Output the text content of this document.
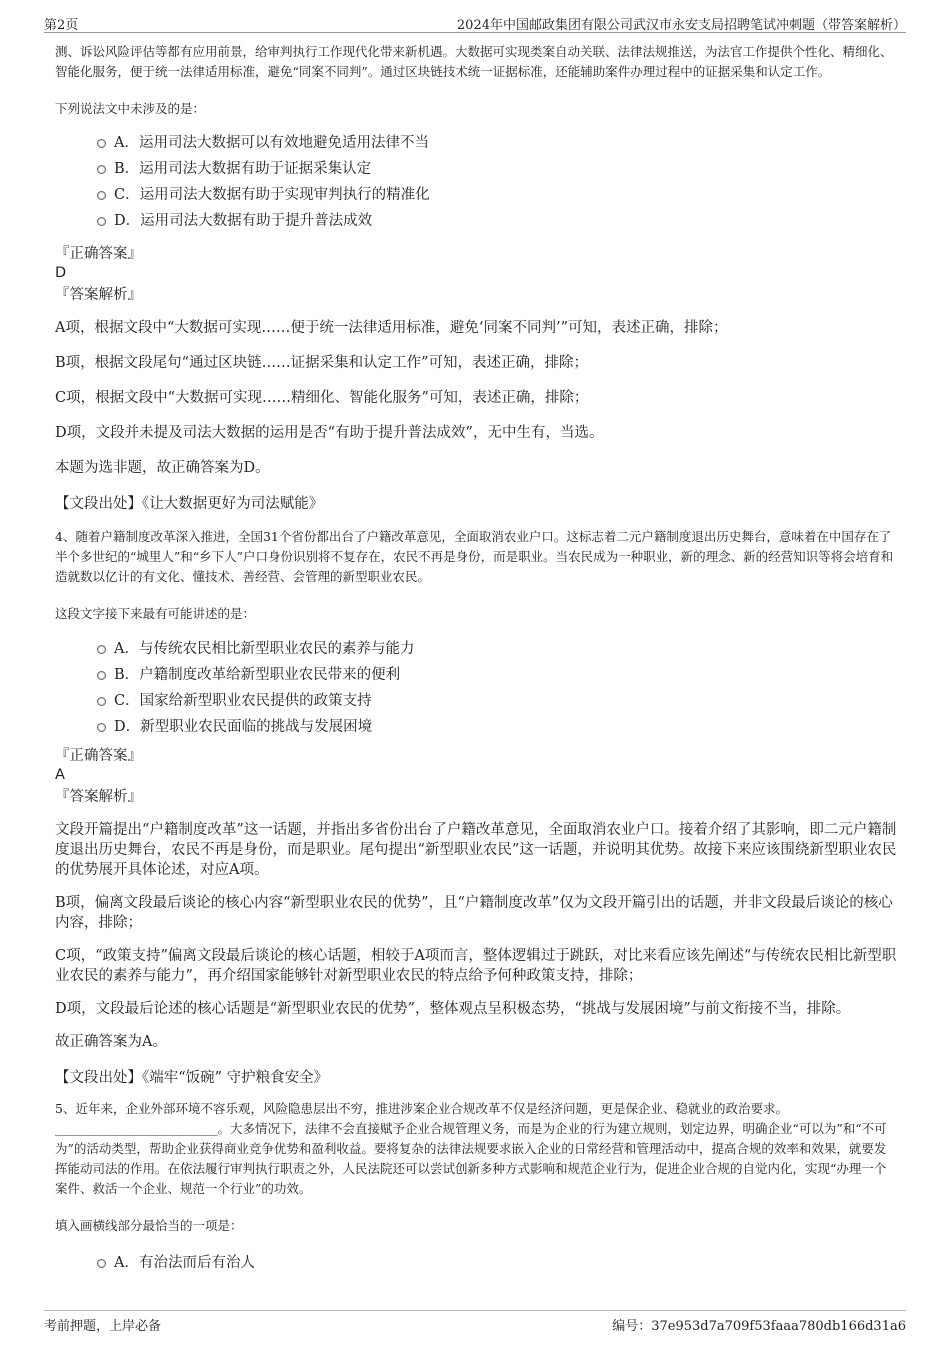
第2页	2024年中国邮政集团有限公司武汉市永安支局招聘笔试冲刺题（带答案解析）

测、诉讼风险评估等都有应用前景，给审判执行工作现代化带来新机遇。大数据可实现类案自动关联、法律法规推送，为法官工作提供个性化、精细化、智能化服务，便于统一法律适用标准，避免“同案不同判”。通过区块链技术统一证据标准，还能辅助案件办理过程中的证据采集和认定工作。

下列说法文中未涉及的是：

A．运用司法大数据可以有效地避免适用法律不当
B．运用司法大数据有助于证据采集认定
C．运用司法大数据有助于实现审判执行的精准化
D．运用司法大数据有助于提升普法成效

『正确答案』

D

『答案解析』

A项，根据文段中“大数据可实现……便于统一法律适用标准，避免‘同案不同判’”可知，表述正确，排除；

B项，根据文段尾句“通过区块链……证据采集和认定工作”可知，表述正确，排除；

C项，根据文段中“大数据可实现……精细化、智能化服务”可知，表述正确，排除；

D项，文段并未提及司法大数据的运用是否“有助于提升普法成效”，无中生有，当选。

本题为选非题，故正确答案为D。

【文段出处】《让大数据更好为司法赋能》

4、随着户籍制度改革深入推进，全国31个省份都出台了户籍改革意见，全面取消农业户口。这标志着二元户籍制度退出历史舞台，意味着在中国存在了半个多世纪的“城里人”和“乡下人”户口身份识别将不复存在，农民不再是身份，而是职业。当农民成为一种职业，新的理念、新的经营知识等将会培育和造就数以亿计的有文化、懂技术、善经营、会管理的新型职业农民。

这段文字接下来最有可能讲述的是：

A．与传统农民相比新型职业农民的素养与能力
B．户籍制度改革给新型职业农民带来的便利
C．国家给新型职业农民提供的政策支持
D．新型职业农民面临的挑战与发展困境

『正确答案』

A

『答案解析』

文段开篇提出“户籍制度改革”这一话题，并指出多省份出台了户籍改革意见，全面取消农业户口。接着介绍了其影响，即二元户籍制度退出历史舞台，农民不再是身份，而是职业。尾句提出“新型职业农民”这一话题，并说明其优势。故接下来应该围绕新型职业农民的优势展开具体论述，对应A项。

B项，偏离文段最后谈论的核心内容“新型职业农民的优势”，且“户籍制度改革”仅为文段开篇引出的话题，并非文段最后谈论的核心内容，排除；

C项，“政策支持”偏离文段最后谈论的核心话题，相较于A项而言，整体逻辑过于跳跃，对比来看应该先阐述“与传统农民相比新型职业农民的素养与能力”，再介绍国家能够针对新型职业农民的特点给予何种政策支持，排除；

D项，文段最后论述的核心话题是“新型职业农民的优势”，整体观点呈积极态势，“挑战与发展困境”与前文衔接不当，排除。

故正确答案为A。

【文段出处】《端牢“饭碗” 守护粮食安全》

5、近年来，企业外部环境不容乐观，风险隐患层出不穷，推进涉案企业合规改革不仅是经济问题，更是保企业、稳就业的政治要求。__________________________。大多情况下，法律不会直接赋予企业合规管理义务，而是为企业的行为建立规则，划定边界，明确企业“可以为”和“不可为”的活动类型，帮助企业获得商业竞争优势和盈利收益。要将复杂的法律法规要求嵌入企业的日常经营和管理活动中，提高合规的效率和效果，就要发挥能动司法的作用。在依法履行审判执行职责之外，人民法院还可以尝试创新多种方式影响和规范企业行为，促进企业合规的自觉内化，实现“办理一个案件、救活一个企业、规范一个行业”的功效。

填入画横线部分最恰当的一项是：

A．有治法而后有治人
考前押题，上岸必备	编号：37e953d7a709f53faaa780db166d31a6
